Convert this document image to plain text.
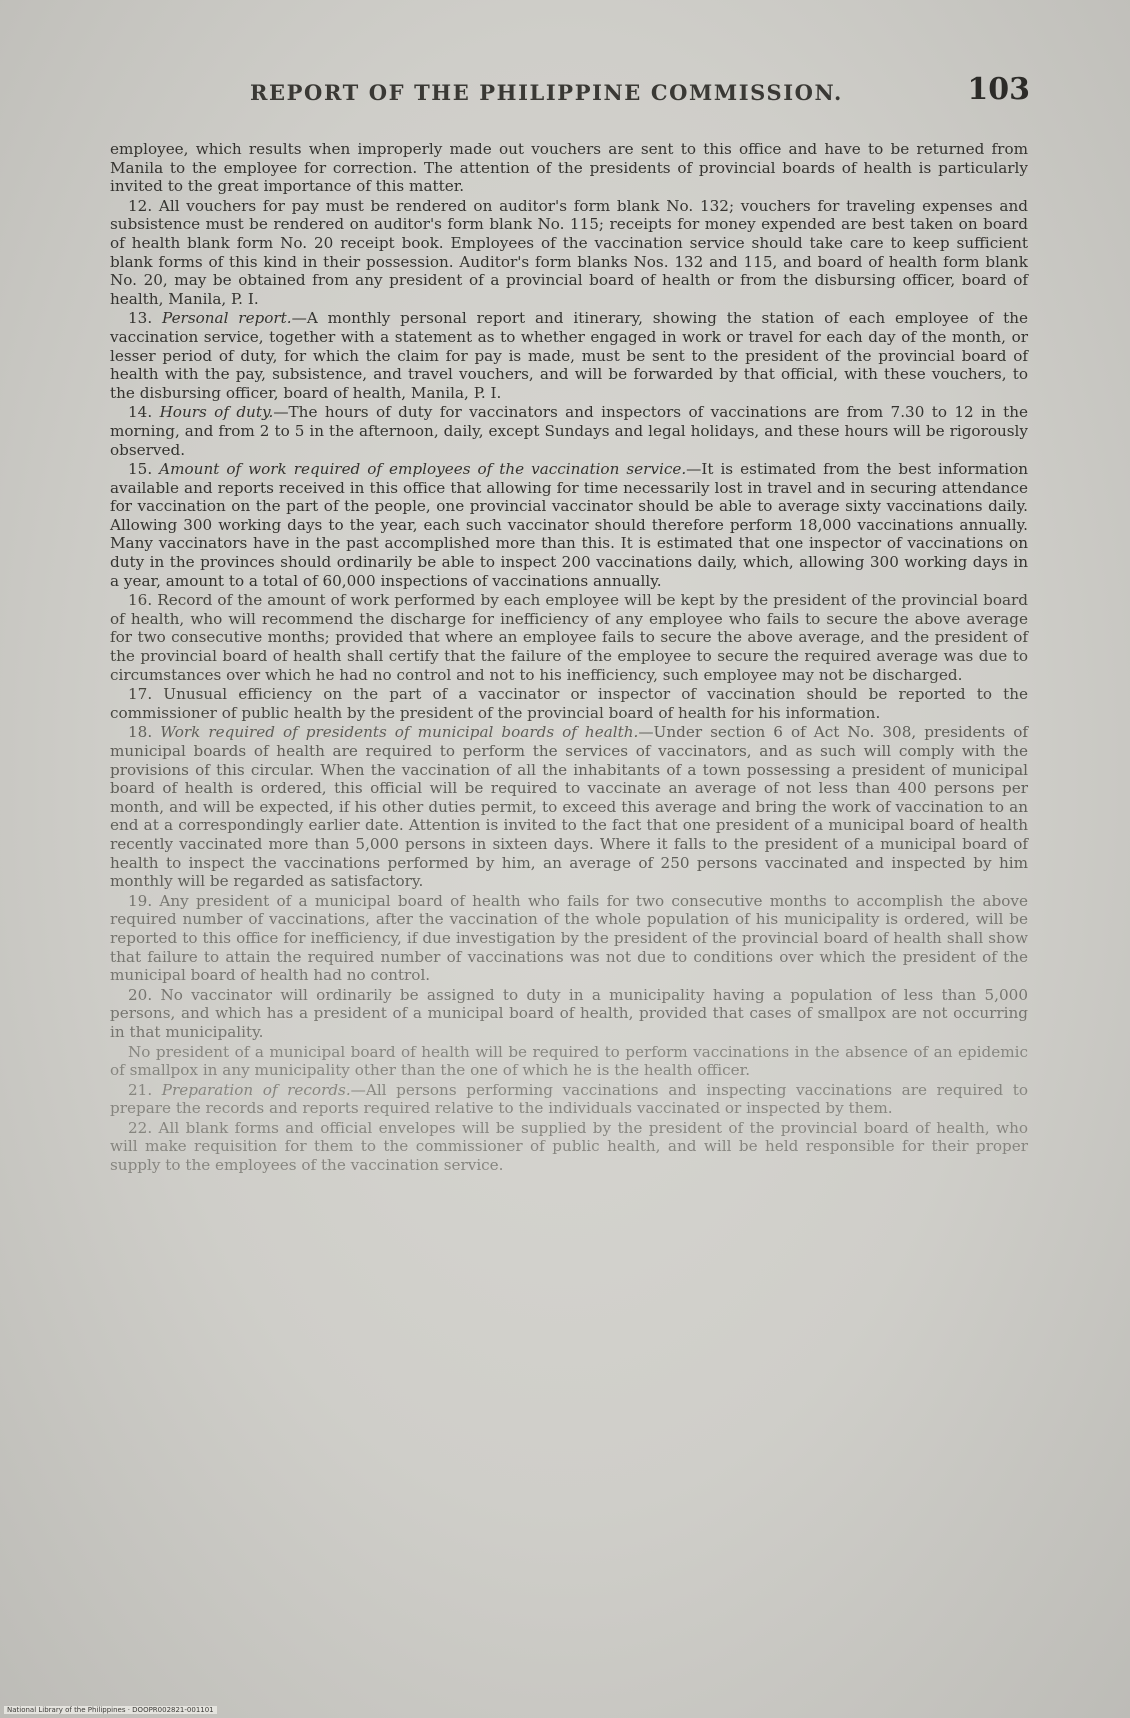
REPORT OF THE PHILIPPINE COMMISSION.	103

employee, which results when improperly made out vouchers are sent to this office and have to be returned from Manila to the employee for correction. The attention of the presidents of provincial boards of health is particularly invited to the great importance of this matter.

12. All vouchers for pay must be rendered on auditor's form blank No. 132; vouchers for traveling expenses and subsistence must be rendered on auditor's form blank No. 115; receipts for money expended are best taken on board of health blank form No. 20 receipt book. Employees of the vaccination service should take care to keep sufficient blank forms of this kind in their possession. Auditor's form blanks Nos. 132 and 115, and board of health form blank No. 20, may be obtained from any president of a provincial board of health or from the disbursing officer, board of health, Manila, P. I.

13. Personal report.—A monthly personal report and itinerary, showing the station of each employee of the vaccination service, together with a statement as to whether engaged in work or travel for each day of the month, or lesser period of duty, for which the claim for pay is made, must be sent to the president of the provincial board of health with the pay, subsistence, and travel vouchers, and will be forwarded by that official, with these vouchers, to the disbursing officer, board of health, Manila, P. I.

14. Hours of duty.—The hours of duty for vaccinators and inspectors of vaccinations are from 7.30 to 12 in the morning, and from 2 to 5 in the afternoon, daily, except Sundays and legal holidays, and these hours will be rigorously observed.

15. Amount of work required of employees of the vaccination service.—It is estimated from the best information available and reports received in this office that allowing for time necessarily lost in travel and in securing attendance for vaccination on the part of the people, one provincial vaccinator should be able to average sixty vaccinations daily. Allowing 300 working days to the year, each such vaccinator should therefore perform 18,000 vaccinations annually. Many vaccinators have in the past accomplished more than this. It is estimated that one inspector of vaccinations on duty in the provinces should ordinarily be able to inspect 200 vaccinations daily, which, allowing 300 working days in a year, amount to a total of 60,000 inspections of vaccinations annually.

16. Record of the amount of work performed by each employee will be kept by the president of the provincial board of health, who will recommend the discharge for inefficiency of any employee who fails to secure the above average for two consecutive months; provided that where an employee fails to secure the above average, and the president of the provincial board of health shall certify that the failure of the employee to secure the required average was due to circumstances over which he had no control and not to his inefficiency, such employee may not be discharged.

17. Unusual efficiency on the part of a vaccinator or inspector of vaccination should be reported to the commissioner of public health by the president of the provincial board of health for his information.

18. Work required of presidents of municipal boards of health.—Under section 6 of Act No. 308, presidents of municipal boards of health are required to perform the services of vaccinators, and as such will comply with the provisions of this circular. When the vaccination of all the inhabitants of a town possessing a president of municipal board of health is ordered, this official will be required to vaccinate an average of not less than 400 persons per month, and will be expected, if his other duties permit, to exceed this average and bring the work of vaccination to an end at a correspondingly earlier date. Attention is invited to the fact that one president of a municipal board of health recently vaccinated more than 5,000 persons in sixteen days. Where it falls to the president of a municipal board of health to inspect the vaccinations performed by him, an average of 250 persons vaccinated and inspected by him monthly will be regarded as satisfactory.

19. Any president of a municipal board of health who fails for two consecutive months to accomplish the above required number of vaccinations, after the vaccination of the whole population of his municipality is ordered, will be reported to this office for inefficiency, if due investigation by the president of the provincial board of health shall show that failure to attain the required number of vaccinations was not due to conditions over which the president of the municipal board of health had no control.

20. No vaccinator will ordinarily be assigned to duty in a municipality having a population of less than 5,000 persons, and which has a president of a municipal board of health, provided that cases of smallpox are not occurring in that municipality.

No president of a municipal board of health will be required to perform vaccinations in the absence of an epidemic of smallpox in any municipality other than the one of which he is the health officer.

21. Preparation of records.—All persons performing vaccinations and inspecting vaccinations are required to prepare the records and reports required relative to the individuals vaccinated or inspected by them.

22. All blank forms and official envelopes will be supplied by the president of the provincial board of health, who will make requisition for them to the commissioner of public health, and will be held responsible for their proper supply to the employees of the vaccination service.

National Library of the Philippines · DOOPR002821-001101
